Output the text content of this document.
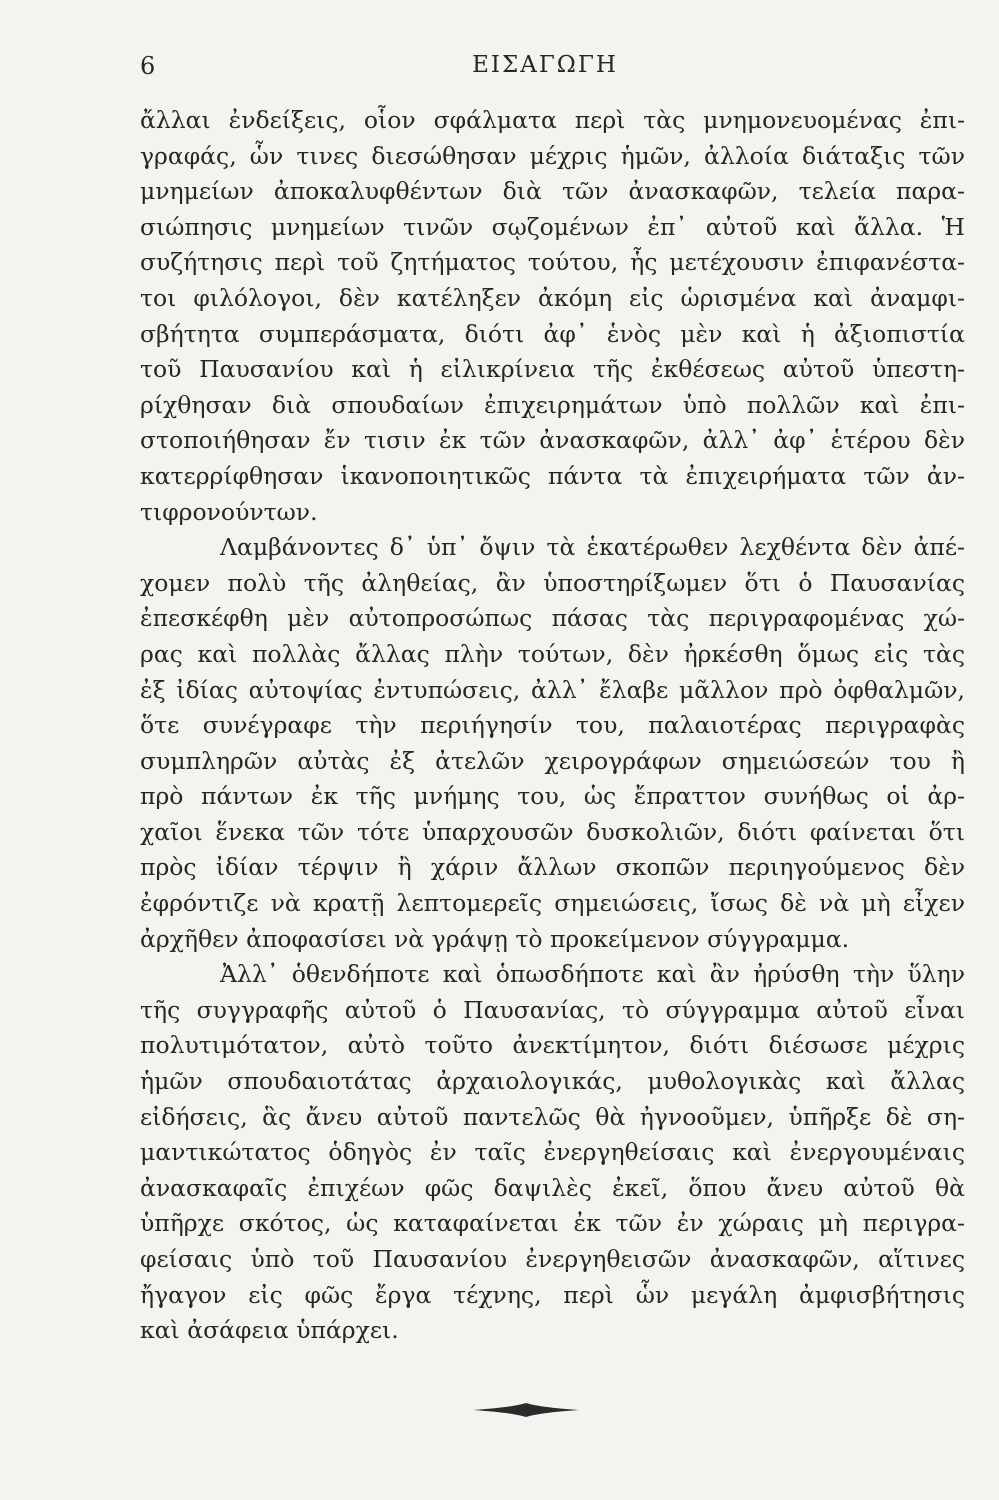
6	ΕΙΣΑΓΩΓΗ
ἄλλαι ἐνδείξεις, οἷον σφάλματα περὶ τὰς μνημονευομένας ἐπι-
γραφάς, ὧν τινες διεσώθησαν μέχρις ἡμῶν, ἀλλοία διάταξις τῶν
μνημείων ἀποκαλυφθέντων διὰ τῶν ἀνασκαφῶν, τελεία παρα-
σιώπησις μνημείων τινῶν σῳζομένων ἐπ᾽ αὐτοῦ καὶ ἄλλα. Ἡ
συζήτησις περὶ τοῦ ζητήματος τούτου, ἧς μετέχουσιν ἐπιφανέστα-
τοι φιλόλογοι, δὲν κατέληξεν ἀκόμη εἰς ὡρισμένα καὶ ἀναμφι-
σβήτητα συμπεράσματα, διότι ἀφ᾽ ἑνὸς μὲν καὶ ἡ ἀξιοπιστία
τοῦ Παυσανίου καὶ ἡ εἰλικρίνεια τῆς ἐκθέσεως αὐτοῦ ὑπεστη-
ρίχθησαν διὰ σπουδαίων ἐπιχειρημάτων ὑπὸ πολλῶν καὶ ἐπι-
στοποιήθησαν ἔν τισιν ἐκ τῶν ἀνασκαφῶν, ἀλλ᾽ ἀφ᾽ ἑτέρου δὲν
κατερρίφθησαν ἱκανοποιητικῶς πάντα τὰ ἐπιχειρήματα τῶν ἀν-
τιφρονούντων.
Λαμβάνοντες δ᾽ ὑπ᾽ ὄψιν τὰ ἑκατέρωθεν λεχθέντα δὲν ἀπέ-
χομεν πολὺ τῆς ἀληθείας, ἂν ὑποστηρίξωμεν ὅτι ὁ Παυσανίας
ἐπεσκέφθη μὲν αὐτοπροσώπως πάσας τὰς περιγραφομένας χώ-
ρας καὶ πολλὰς ἄλλας πλὴν τούτων, δὲν ἠρκέσθη ὅμως εἰς τὰς
ἐξ ἰδίας αὐτοψίας ἐντυπώσεις, ἀλλ᾽ ἔλαβε μᾶλλον πρὸ ὀφθαλμῶν,
ὅτε συνέγραφε τὴν περιήγησίν του, παλαιοτέρας περιγραφὰς
συμπληρῶν αὐτὰς ἐξ ἀτελῶν χειρογράφων σημειώσεών του ἢ
πρὸ πάντων ἐκ τῆς μνήμης του, ὡς ἔπραττον συνήθως οἱ ἀρ-
χαῖοι ἕνεκα τῶν τότε ὑπαρχουσῶν δυσκολιῶν, διότι φαίνεται ὅτι
πρὸς ἰδίαν τέρψιν ἢ χάριν ἄλλων σκοπῶν περιηγούμενος δὲν
ἐφρόντιζε νὰ κρατῇ λεπτομερεῖς σημειώσεις, ἴσως δὲ νὰ μὴ εἶχεν
ἀρχῆθεν ἀποφασίσει νὰ γράψῃ τὸ προκείμενον σύγγραμμα.
Ἀλλ᾽ ὁθενδήποτε καὶ ὁπωσδήποτε καὶ ἂν ἠρύσθη τὴν ὕλην
τῆς συγγραφῆς αὐτοῦ ὁ Παυσανίας, τὸ σύγγραμμα αὐτοῦ εἶναι
πολυτιμότατον, αὐτὸ τοῦτο ἀνεκτίμητον, διότι διέσωσε μέχρις
ἡμῶν σπουδαιοτάτας ἀρχαιολογικάς, μυθολογικὰς καὶ ἄλλας
εἰδήσεις, ἃς ἄνευ αὐτοῦ παντελῶς θὰ ἠγνοοῦμεν, ὑπῆρξε δὲ ση-
μαντικώτατος ὁδηγὸς ἐν ταῖς ἐνεργηθείσαις καὶ ἐνεργουμέναις
ἀνασκαφαῖς ἐπιχέων φῶς δαψιλὲς ἐκεῖ, ὅπου ἄνευ αὐτοῦ θὰ
ὑπῆρχε σκότος, ὡς καταφαίνεται ἐκ τῶν ἐν χώραις μὴ περιγρα-
φείσαις ὑπὸ τοῦ Παυσανίου ἐνεργηθεισῶν ἀνασκαφῶν, αἵτινες
ἤγαγον εἰς φῶς ἔργα τέχνης, περὶ ὧν μεγάλη ἀμφισβήτησις
καὶ ἀσάφεια ὑπάρχει.
